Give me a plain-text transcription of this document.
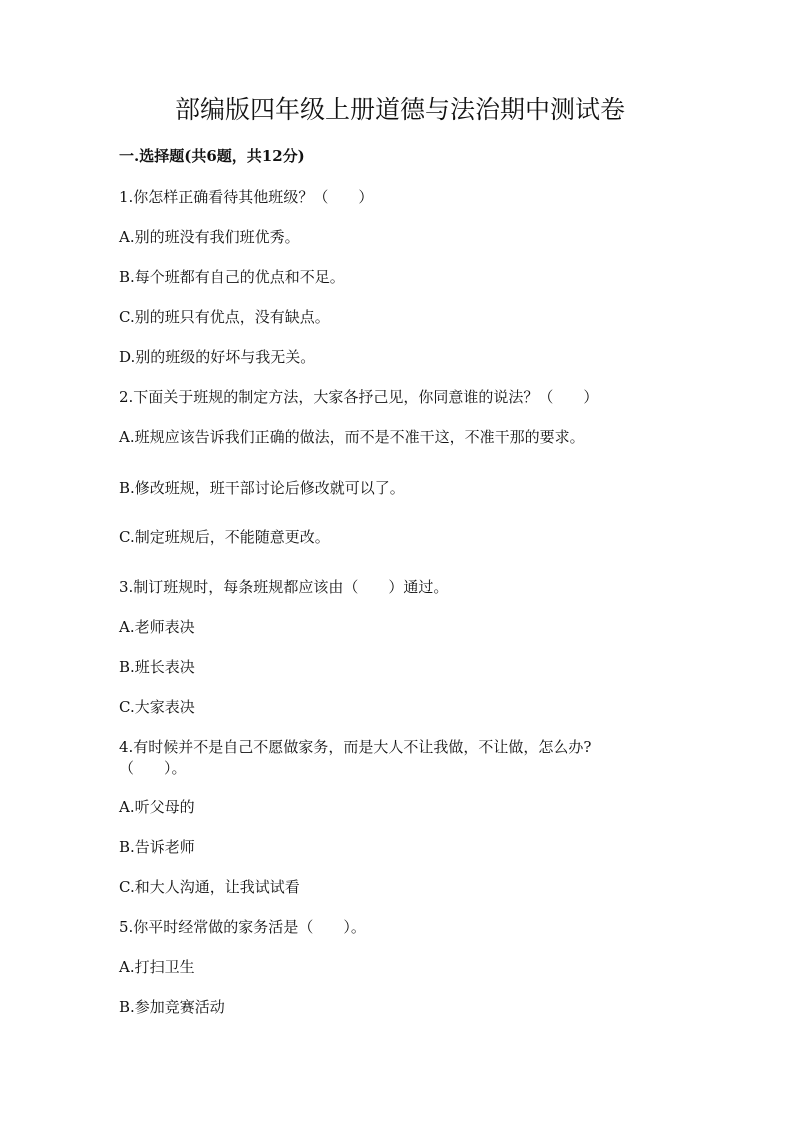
部编版四年级上册道德与法治期中测试卷
一.选择题(共6题，共12分)
1.你怎样正确看待其他班级？（　　）
A.别的班没有我们班优秀。
B.每个班都有自己的优点和不足。
C.别的班只有优点，没有缺点。
D.别的班级的好坏与我无关。
2.下面关于班规的制定方法，大家各抒己见，你同意谁的说法？（　　）
A.班规应该告诉我们正确的做法，而不是不准干这，不准干那的要求。
B.修改班规，班干部讨论后修改就可以了。
C.制定班规后，不能随意更改。
3.制订班规时，每条班规都应该由（　　）通过。
A.老师表决
B.班长表决
C.大家表决
4.有时候并不是自己不愿做家务，而是大人不让我做，不让做，怎么办?
（　　）。
A.听父母的
B.告诉老师
C.和大人沟通，让我试试看
5.你平时经常做的家务活是（　　）。
A.打扫卫生
B.参加竞赛活动
